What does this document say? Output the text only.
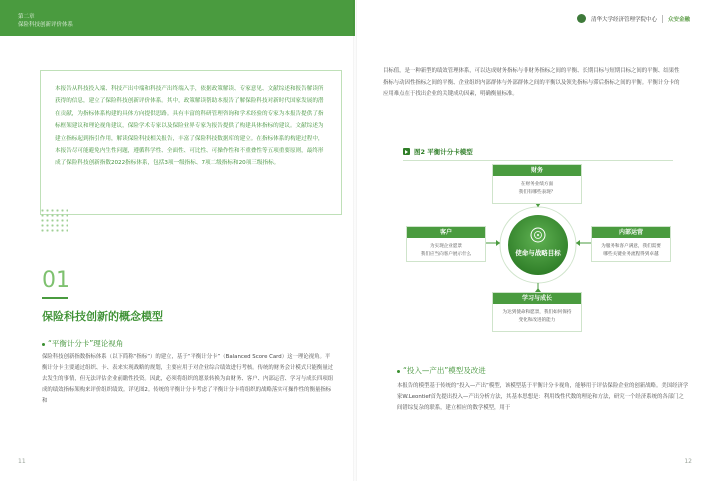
第二章
保险科技创新评价体系
本报告从科技投入端、科技产出中端和科技产出终端入手，依据政策解读、专家意见、文献综述和报告解读所获得的信息，建立了保险科技创新评价体系。其中，政策解读帮助本报告了解保险科技对新时代国家发展的潜在贡献，为指标体系构建的具体方向提供思路。具有丰富的科研管理咨询和学术经验的专家为本报告提供了指标框架建议和理论视角建议，保险学术专家以及保险业界专家为报告提供了构建具体指标的建议。文献综述为建立指标起到指引作用，解读保险科技相关报告，丰富了保险科技数据库的建立。在指标体系的构建过程中，本报告尽可能避免内生性问题，遵循科学性、全面性、可比性、可操作性和不重叠性等五项重要原则，最终形成了保险科技创新指数2022指标体系，包括3项一级指标、7项二级指标和20项三级指标。
01
保险科技创新的概念模型
“平衡计分卡”理论视角
保险科技创新指数指标体系（以下简称“指标”）的建立，基于“平衡计分卡”（Balanced Score Card）这一理论视角。平衡计分卡主要通过组织、卡、表来实现战略的规划，主要应用于对企业综合绩效进行考核。传统的财务会计模式只能衡量过去发生的事情，但无法评估企业前瞻性投资。因此，必须将组织的愿景转换为由财务、客户、内部运营、学习与成长四项组成的绩效指标架构来评价组织绩效。详见图2。传统的平衡计分卡考虑了平衡计分卡将组织的战略落实可操作性的衡量指标和
11
清华大学经济管理学院中心 众安金融
目标值，是一种新型的绩效管理体系，可以达成财务指标与非财务指标之间的平衡、长期目标与短期目标之间的平衡、结果性指标与动因性指标之间的平衡、企业组织内部群体与外部群体之间的平衡以及领先指标与滞后指标之间的平衡。平衡计分卡的应用难点在于找出企业的关键成功因素，明确衡量标准。
图2 平衡计分卡模型
使命与战略目标
财务
在财务业绩方面
我们有哪些表现？
客户
为实现企业愿景
我们应当向客户展示什么
内部运营
为服务和客户满意，我们需要
哪些关键业务流程得到卓越
学习与成长
为达到使命和愿景，我们如何保持
变化和改进的能力
“投入—产出”模型及改进
本报告的模型基于传统的“投入—产出”模型，该模型基于平衡计分卡视角，能够用于评估保险企业的创新战略。美国经济学家W.Leontief首先提出投入—产出分析方法，其基本思想是：利用线性代数的理论和方法，研究一个经济系统的各部门之间错综复杂的联系，建立相应的数学模型，用于
12
